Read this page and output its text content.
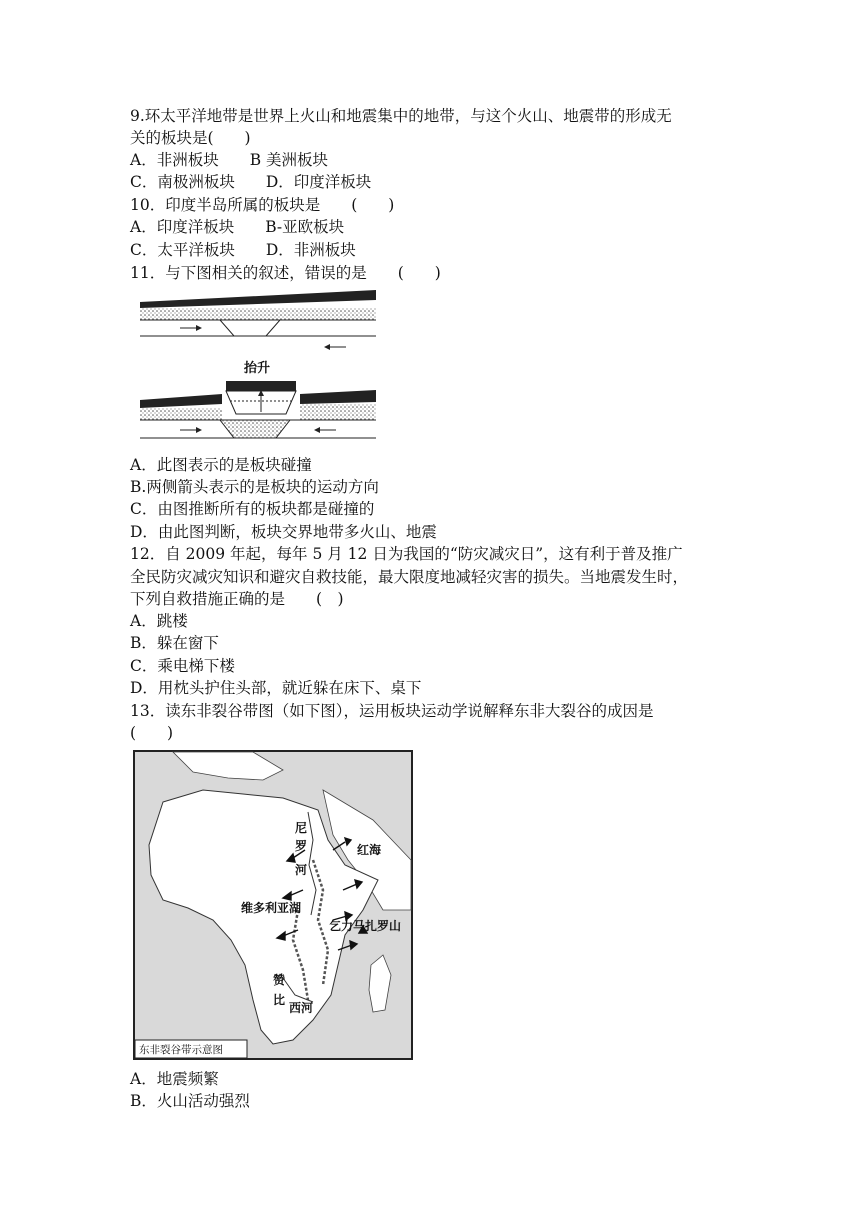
9.环太平洋地带是世界上火山和地震集中的地带，与这个火山、地震带的形成无
关的板块是(　　)
A．非洲板块　　B 美洲板块
C．南极洲板块　　D．印度洋板块
10．印度半岛所属的板块是　　(　　)
A．印度洋板块　　B-亚欧板块
C．太平洋板块　　D．非洲板块
11．与下图相关的叙述，错误的是　　(　　)
抬升
A．此图表示的是板块碰撞
B.两侧箭头表示的是板块的运动方向
C．由图推断所有的板块都是碰撞的
D．由此图判断，板块交界地带多火山、地震
12．自 2009 年起，每年 5 月 12 日为我国的“防灾减灾日”，这有利于普及推广
全民防灾减灾知识和避灾自救技能，最大限度地减轻灾害的损失。当地震发生时，
下列自救措施正确的是　　(　)
A．跳楼
B．躲在窗下
C．乘电梯下楼
D．用枕头护住头部，就近躲在床下、桌下
13．读东非裂谷带图（如下图），运用板块运动学说解释东非大裂谷的成因是
(　　)
尼
罗
河
红海
维多利亚湖
乞力马扎罗山
赞
比
西河
东非裂谷带示意图
A．地震频繁
B．火山活动强烈
